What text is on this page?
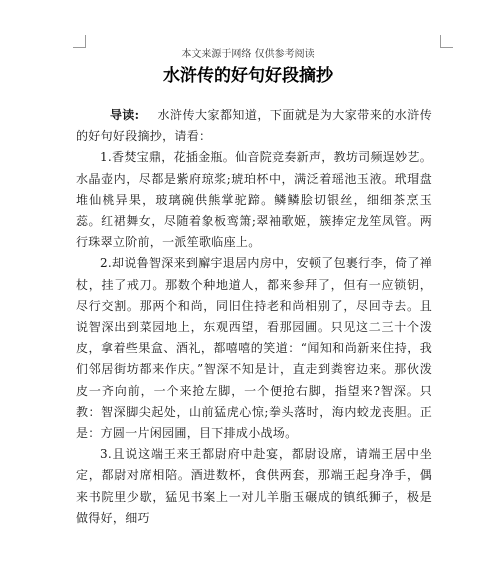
本文来源于网络 仅供参考阅读
水浒传的好句好段摘抄

导读: 水浒传大家都知道，下面就是为大家带来的水浒传的好句好段摘抄，请看：

1.香焚宝鼎，花插金瓶。仙音院竞奏新声，教坊司频逞妙艺。水晶壶内，尽都是紫府琼浆;琥珀杯中，满泛着瑶池玉液。玳瑁盘堆仙桃异果，玻璃碗供熊掌驼蹄。鳞鳞脍切银丝，细细茶烹玉蕊。红裙舞女，尽随着象板鸾箫;翠袖歌姬，簇捧定龙笙凤管。两行珠翠立阶前，一派笙歌临座上。

2.却说鲁智深来到廨宇退居内房中，安顿了包裹行李，倚了禅杖，挂了戒刀。那数个种地道人，都来参拜了，但有一应锁钥，尽行交割。那两个和尚，同旧住持老和尚相别了，尽回寺去。且说智深出到菜园地上，东观西望，看那园圃。只见这二三十个泼皮，拿着些果盒、酒礼，都嘻嘻的笑道：“闻知和尚新来住持，我们邻居街坊都来作庆。”智深不知是计，直走到粪窖边来。那伙泼皮一齐向前，一个来抢左脚，一个便抢右脚，指望来?智深。只教：智深脚尖起处，山前猛虎心惊;拳头落时，海内蛟龙丧胆。正是：方圆一片闲园圃，目下排成小战场。

3.且说这端王来王都尉府中赴宴，都尉设席，请端王居中坐定，都尉对席相陪。酒进数杯，食供两套，那端王起身净手，偶来书院里少歇，猛见书案上一对儿羊脂玉碾成的镇纸狮子，极是做得好，细巧
